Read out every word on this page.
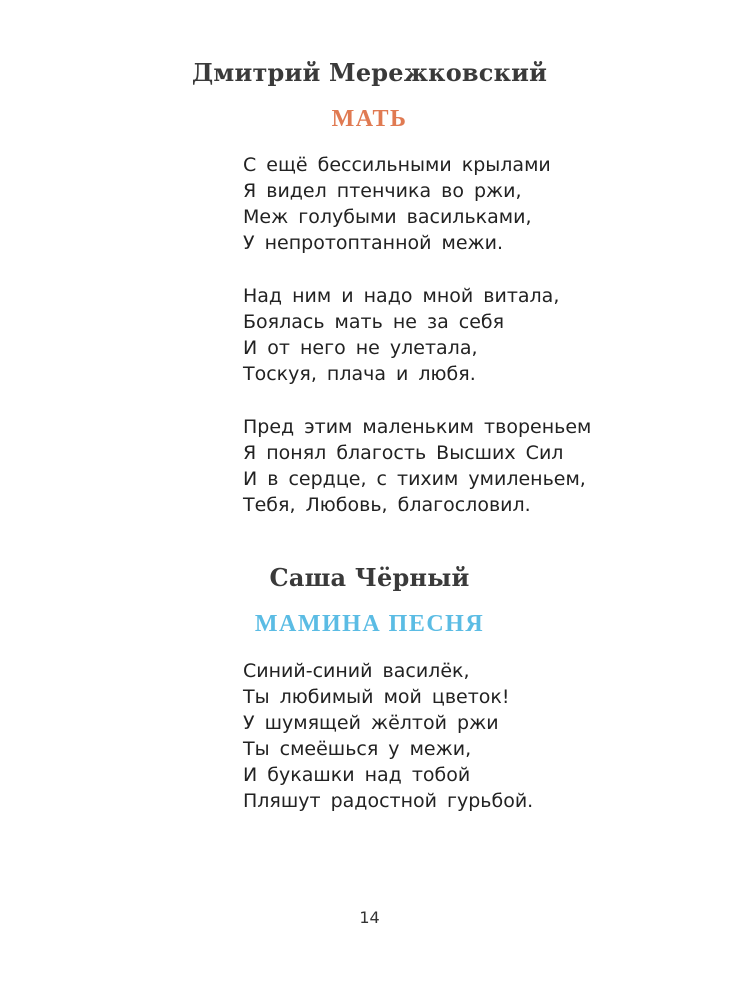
Дмитрий Мережковский
МАТЬ
С ещё бессильными крылами
Я видел птенчика во ржи,
Меж голубыми васильками,
У непротоптанной межи.
Над ним и надо мной витала,
Боялась мать не за себя
И от него не улетала,
Тоскуя, плача и любя.
Пред этим маленьким твореньем
Я понял благость Высших Сил
И в сердце, с тихим умиленьем,
Тебя, Любовь, благословил.
Саша Чёрный
МАМИНА ПЕСНЯ
Синий-синий василёк,
Ты любимый мой цветок!
У шумящей жёлтой ржи
Ты смеёшься у межи,
И букашки над тобой
Пляшут радостной гурьбой.
14
